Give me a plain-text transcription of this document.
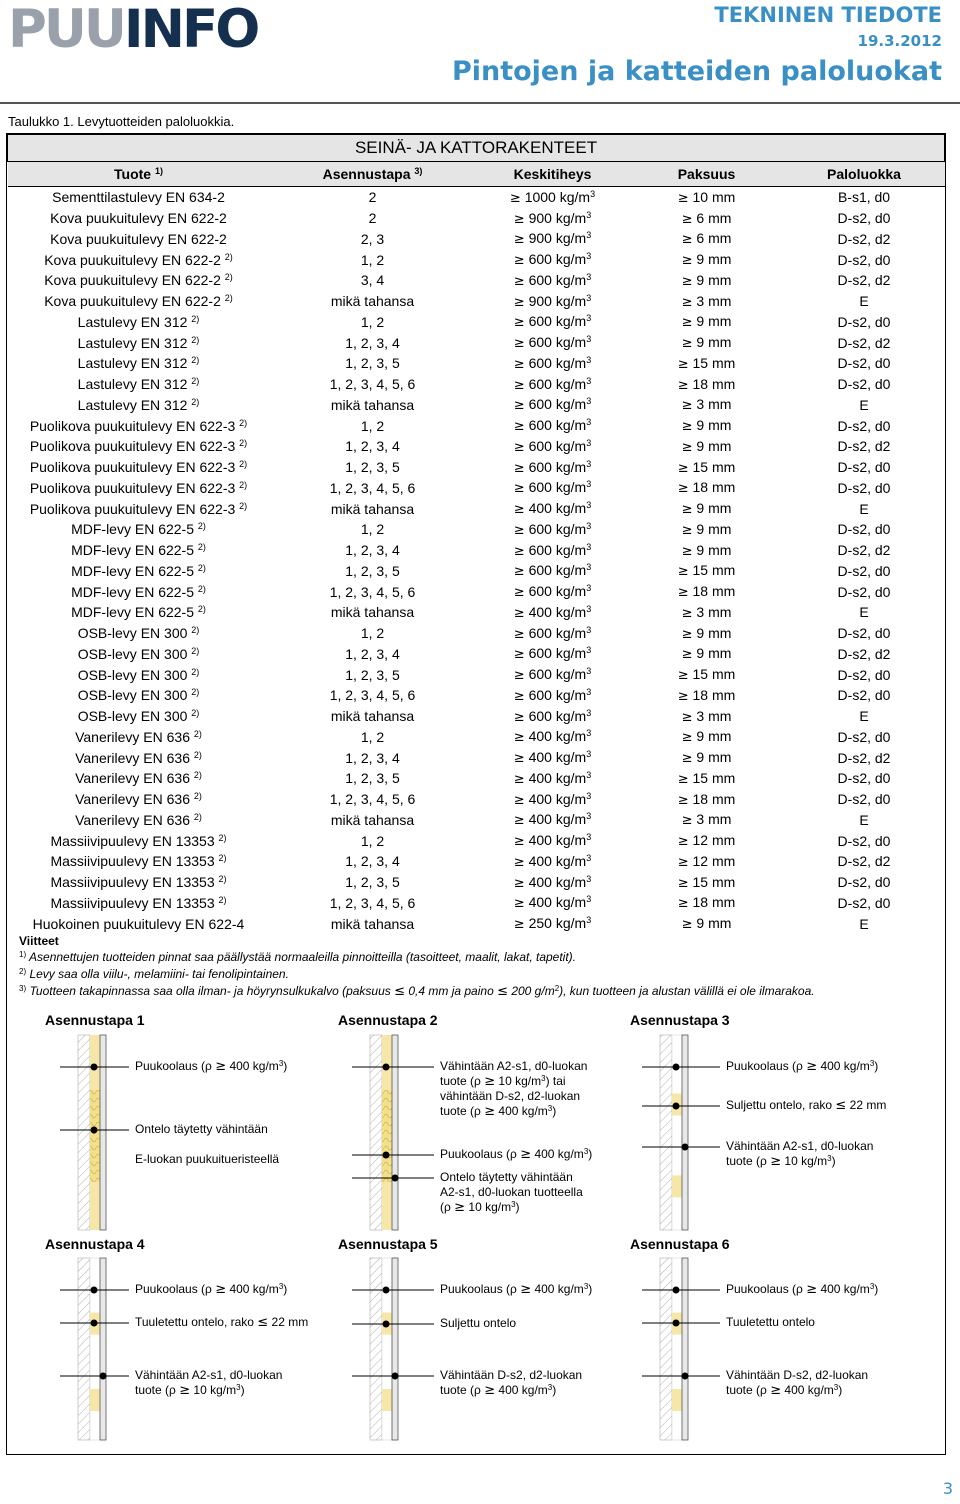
PUUINFO	TEKNINEN TIEDOTE
19.3.2012
Pintojen ja katteiden paloluokat
Taulukko 1. Levytuotteiden paloluokkia.
SEINÄ- JA KATTORAKENTEET				
Tuote $^{1)}$	Asennustapa $^{3)}$	Keskitiheys	Paksuus	Paloluokka
Sementtilastulevy EN 634-2	2	≥ 1000 $kg/m^3$	≥ 10 mm	B-s1, d0
Kova puukuitulevy EN 622-2	2	≥ 900 $kg/m^3$	≥ 6 mm	D-s2, d0
Kova puukuitulevy EN 622-2	2, 3	≥ 900 $kg/m^3$	≥ 6 mm	D-s2, d2
Kova puukuitulevy EN 622-2 $^{2)}$	1, 2	≥ 600 $kg/m^3$	≥ 9 mm	D-s2, d0
Kova puukuitulevy EN 622-2 $^{2)}$	3, 4	≥ 600 $kg/m^3$	≥ 9 mm	D-s2, d2
Kova puukuitulevy EN 622-2 $^{2)}$	mikä tahansa	≥ 900 $kg/m^3$	≥ 3 mm	E
Lastulevy EN 312 $^{2)}$	1, 2	≥ 600 $kg/m^3$	≥ 9 mm	D-s2, d0
Lastulevy EN 312 $^{2)}$	1, 2, 3, 4	≥ 600 $kg/m^3$	≥ 9 mm	D-s2, d2
Lastulevy EN 312 $^{2)}$	1, 2, 3, 5	≥ 600 $kg/m^3$	≥ 15 mm	D-s2, d0
Lastulevy EN 312 $^{2)}$	1, 2, 3, 4, 5, 6	≥ 600 $kg/m^3$	≥ 18 mm	D-s2, d0
Lastulevy EN 312 $^{2)}$	mikä tahansa	≥ 600 $kg/m^3$	≥ 3 mm	E
Puolikova puukuitulevy EN 622-3 $^{2)}$	1, 2	≥ 600 $kg/m^3$	≥ 9 mm	D-s2, d0
Puolikova puukuitulevy EN 622-3 $^{2)}$	1, 2, 3, 4	≥ 600 $kg/m^3$	≥ 9 mm	D-s2, d2
Puolikova puukuitulevy EN 622-3 $^{2)}$	1, 2, 3, 5	≥ 600 $kg/m^3$	≥ 15 mm	D-s2, d0
Puolikova puukuitulevy EN 622-3 $^{2)}$	1, 2, 3, 4, 5, 6	≥ 600 $kg/m^3$	≥ 18 mm	D-s2, d0
Puolikova puukuitulevy EN 622-3 $^{2)}$	mikä tahansa	≥ 400 $kg/m^3$	≥ 9 mm	E
MDF-levy EN 622-5 $^{2)}$	1, 2	≥ 600 $kg/m^3$	≥ 9 mm	D-s2, d0
MDF-levy EN 622-5 $^{2)}$	1, 2, 3, 4	≥ 600 $kg/m^3$	≥ 9 mm	D-s2, d2
MDF-levy EN 622-5 $^{2)}$	1, 2, 3, 5	≥ 600 $kg/m^3$	≥ 15 mm	D-s2, d0
MDF-levy EN 622-5 $^{2)}$	1, 2, 3, 4, 5, 6	≥ 600 $kg/m^3$	≥ 18 mm	D-s2, d0
MDF-levy EN 622-5 $^{2)}$	mikä tahansa	≥ 400 $kg/m^3$	≥ 3 mm	E
OSB-levy EN 300 $^{2)}$	1, 2	≥ 600 $kg/m^3$	≥ 9 mm	D-s2, d0
OSB-levy EN 300 $^{2)}$	1, 2, 3, 4	≥ 600 $kg/m^3$	≥ 9 mm	D-s2, d2
OSB-levy EN 300 $^{2)}$	1, 2, 3, 5	≥ 600 $kg/m^3$	≥ 15 mm	D-s2, d0
OSB-levy EN 300 $^{2)}$	1, 2, 3, 4, 5, 6	≥ 600 $kg/m^3$	≥ 18 mm	D-s2, d0
OSB-levy EN 300 $^{2)}$	mikä tahansa	≥ 600 $kg/m^3$	≥ 3 mm	E
Vanerilevy EN 636 $^{2)}$	1, 2	≥ 400 $kg/m^3$	≥ 9 mm	D-s2, d0
Vanerilevy EN 636 $^{2)}$	1, 2, 3, 4	≥ 400 $kg/m^3$	≥ 9 mm	D-s2, d2
Vanerilevy EN 636 $^{2)}$	1, 2, 3, 5	≥ 400 $kg/m^3$	≥ 15 mm	D-s2, d0
Vanerilevy EN 636 $^{2)}$	1, 2, 3, 4, 5, 6	≥ 400 $kg/m^3$	≥ 18 mm	D-s2, d0
Vanerilevy EN 636 $^{2)}$	mikä tahansa	≥ 400 $kg/m^3$	≥ 3 mm	E
Massiivipuulevy EN 13353 $^{2)}$	1, 2	≥ 400 $kg/m^3$	≥ 12 mm	D-s2, d0
Massiivipuulevy EN 13353 $^{2)}$	1, 2, 3, 4	≥ 400 $kg/m^3$	≥ 12 mm	D-s2, d2
Massiivipuulevy EN 13353 $^{2)}$	1, 2, 3, 5	≥ 400 $kg/m^3$	≥ 15 mm	D-s2, d0
Massiivipuulevy EN 13353 $^{2)}$	1, 2, 3, 4, 5, 6	≥ 400 $kg/m^3$	≥ 18 mm	D-s2, d0
Huokoinen puukuitulevy EN 622-4	mikä tahansa	≥ 250 $kg/m^3$	≥ 9 mm	E
Viitteet
$^{1)}$ Asennettujen tuotteiden pinnat saa päällystää normaaleilla pinnoitteilla (tasoitteet, maalit, lakat, tapetit).
$^{2)}$ Levy saa olla viilu-, melamiini- tai fenolipintainen.
$^{3)}$ Tuotteen takapinnassa saa olla ilman- ja höyrynsulkukalvo (paksuus ≤ 0,4 mm ja paino ≤ 200 $g/m^2$), kun tuotteen ja alustan välillä ei ole ilmarakoa.
Asennustapa 1
Puukoolaus (ρ ≥ 400 $kg/m^3$)
Ontelo täytetty vähintään

E-luokan puukuitueristeellä
Asennustapa 2
Vähintään A2-s1, d0-luokan
tuote (ρ ≥ 10 $kg/m^3$) tai
vähintään D-s2, d2-luokan
tuote (ρ ≥ 400 $kg/m^3$)
Puukoolaus (ρ ≥ 400 $kg/m^3$)
Ontelo täytetty vähintään
A2-s1, d0-luokan tuotteella
(ρ ≥ 10 $kg/m^3$)
Asennustapa 3
Puukoolaus (ρ ≥ 400 $kg/m^3$)
Suljettu ontelo, rako ≤ 22 mm
Vähintään A2-s1, d0-luokan
tuote (ρ ≥ 10 $kg/m^3$)
Asennustapa 4
Puukoolaus (ρ ≥ 400 $kg/m^3$)
Tuuletettu ontelo, rako ≤ 22 mm
Vähintään A2-s1, d0-luokan
tuote (ρ ≥ 10 $kg/m^3$)
Asennustapa 5
Puukoolaus (ρ ≥ 400 $kg/m^3$)
Suljettu ontelo
Vähintään D-s2, d2-luokan
tuote (ρ ≥ 400 $kg/m^3$)
Asennustapa 6
Puukoolaus (ρ ≥ 400 $kg/m^3$)
Tuuletettu ontelo
Vähintään D-s2, d2-luokan
tuote (ρ ≥ 400 $kg/m^3$)
3
